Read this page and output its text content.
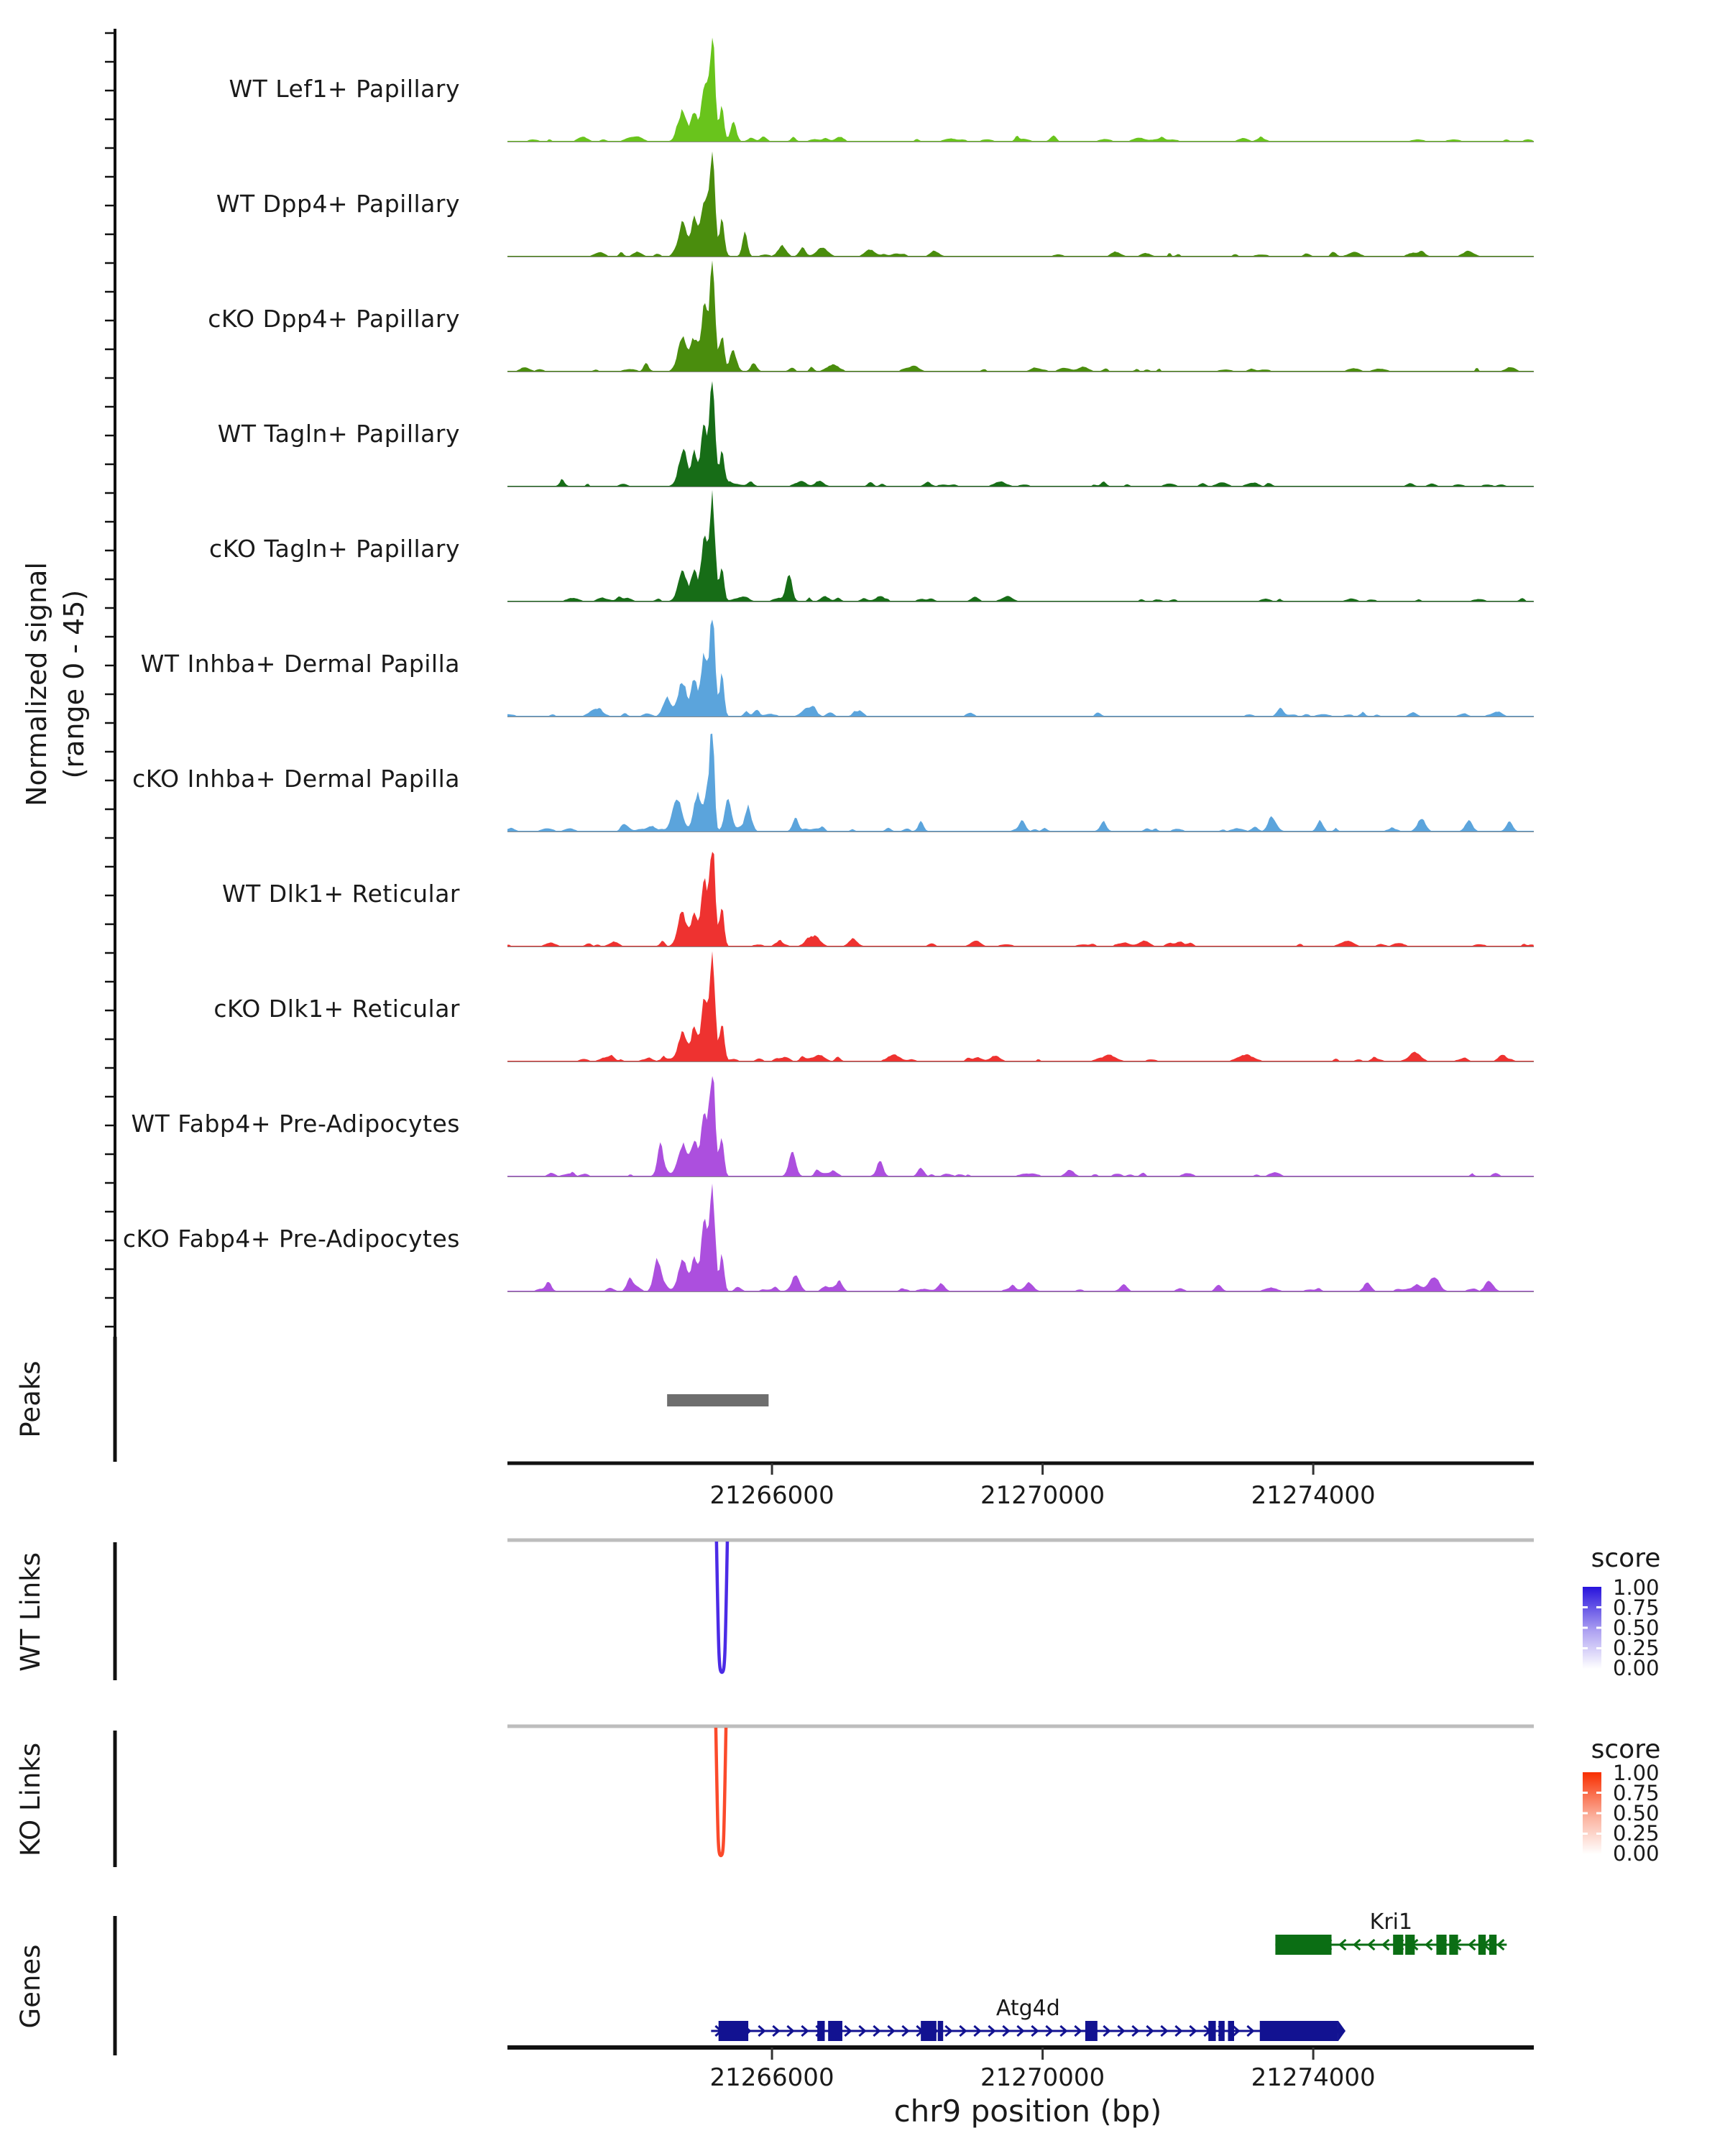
Normalized signal (range 0 - 45)
WT Lef1+ Papillary
WT Dpp4+ Papillary
cKO Dpp4+ Papillary
WT Tagln+ Papillary
cKO Tagln+ Papillary
WT Inhba+ Dermal Papilla
cKO Inhba+ Dermal Papilla
WT Dlk1+ Reticular
cKO Dlk1+ Reticular
WT Fabp4+ Pre-Adipocytes
cKO Fabp4+ Pre-Adipocytes
Peaks
21266000	21270000	21274000
WT Links	score
1.00
0.75
0.50
0.25
0.00
KO Links	score
1.00
0.75
0.50
0.25
0.00
Genes
Kri1
Atg4d
21266000	21270000	21274000
chr9 position (bp)
